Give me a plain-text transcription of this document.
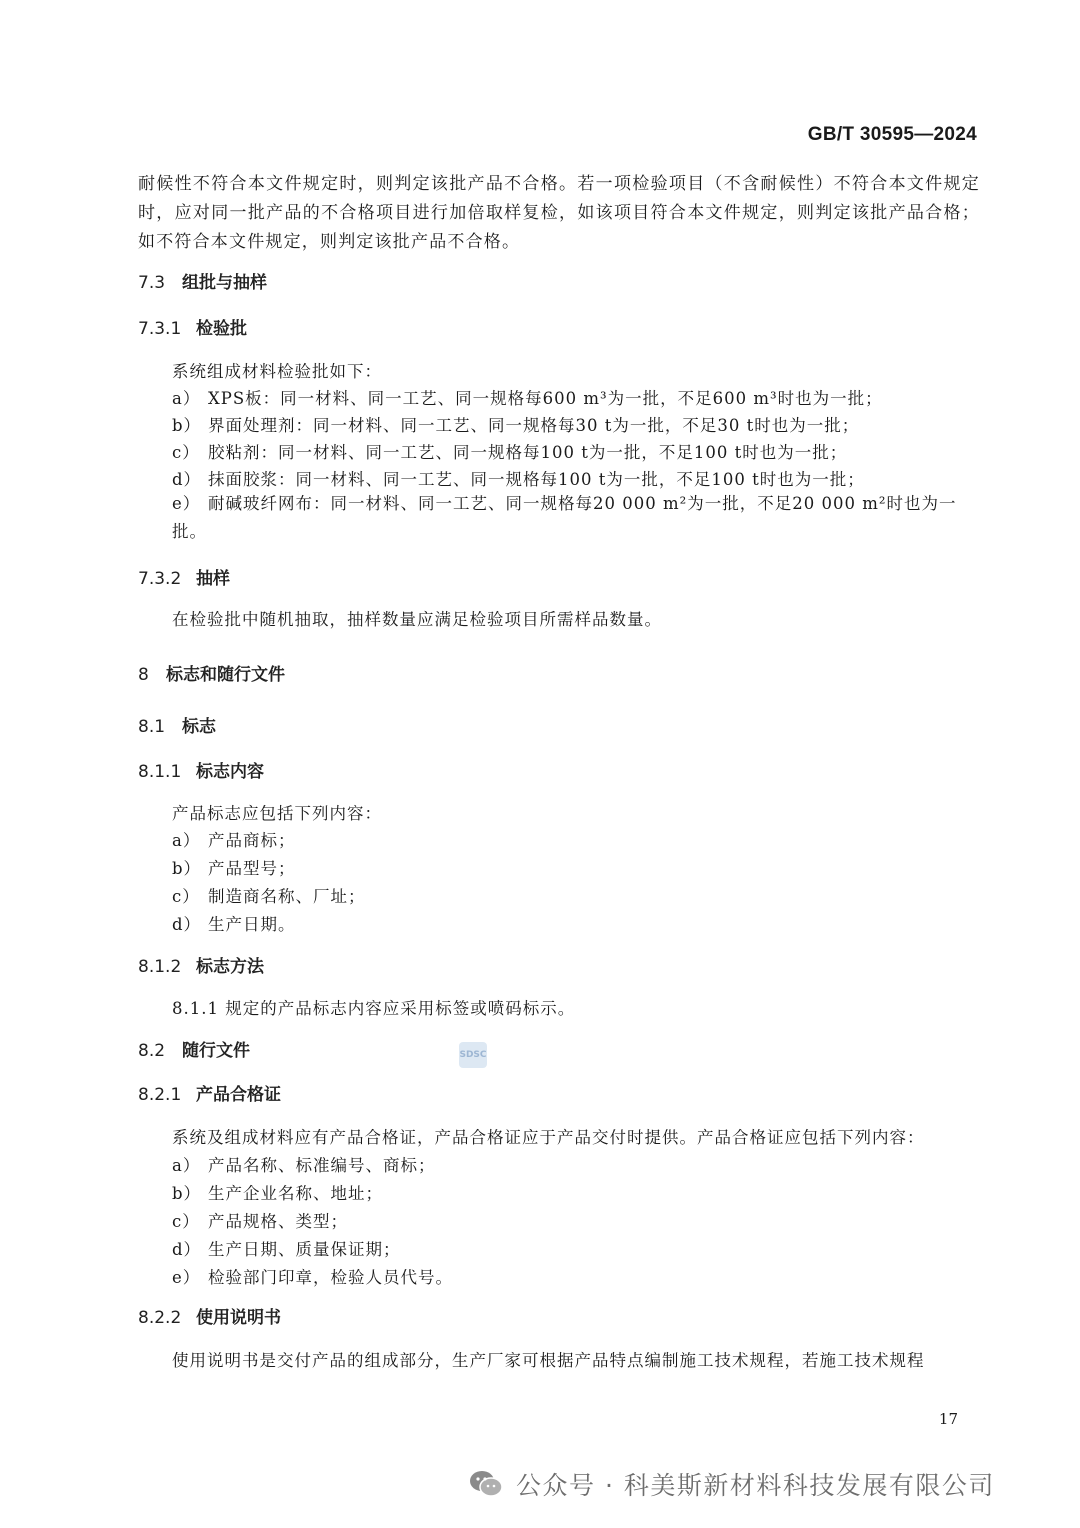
GB/T 30595—2024
耐候性不符合本文件规定时，则判定该批产品不合格。若一项检验项目（不含耐候性）不符合本文件规定时，应对同一批产品的不合格项目进行加倍取样复检，如该项目符合本文件规定，则判定该批产品合格；如不符合本文件规定，则判定该批产品不合格。
7.3 组批与抽样
7.3.1 检验批
系统组成材料检验批如下：
a） XPS板：同一材料、同一工艺、同一规格每600 m³为一批，不足600 m³时也为一批；
b） 界面处理剂：同一材料、同一工艺、同一规格每30 t为一批，不足30 t时也为一批；
c） 胶粘剂：同一材料、同一工艺、同一规格每100 t为一批，不足100 t时也为一批；
d） 抹面胶浆：同一材料、同一工艺、同一规格每100 t为一批，不足100 t时也为一批；
e） 耐碱玻纤网布：同一材料、同一工艺、同一规格每20 000 m²为一批，不足20 000 m²时也为一批。
7.3.2 抽样
在检验批中随机抽取，抽样数量应满足检验项目所需样品数量。
8 标志和随行文件
8.1 标志
8.1.1 标志内容
产品标志应包括下列内容：
a） 产品商标；
b） 产品型号；
c） 制造商名称、厂址；
d） 生产日期。
8.1.2 标志方法
8.1.1 规定的产品标志内容应采用标签或喷码标示。
8.2 随行文件	SDSC
8.2.1 产品合格证
系统及组成材料应有产品合格证，产品合格证应于产品交付时提供。产品合格证应包括下列内容：
a） 产品名称、标准编号、商标；
b） 生产企业名称、地址；
c） 产品规格、类型；
d） 生产日期、质量保证期；
e） 检验部门印章，检验人员代号。
8.2.2 使用说明书
使用说明书是交付产品的组成部分，生产厂家可根据产品特点编制施工技术规程，若施工技术规程
17
公众号 · 科美斯新材料科技发展有限公司
